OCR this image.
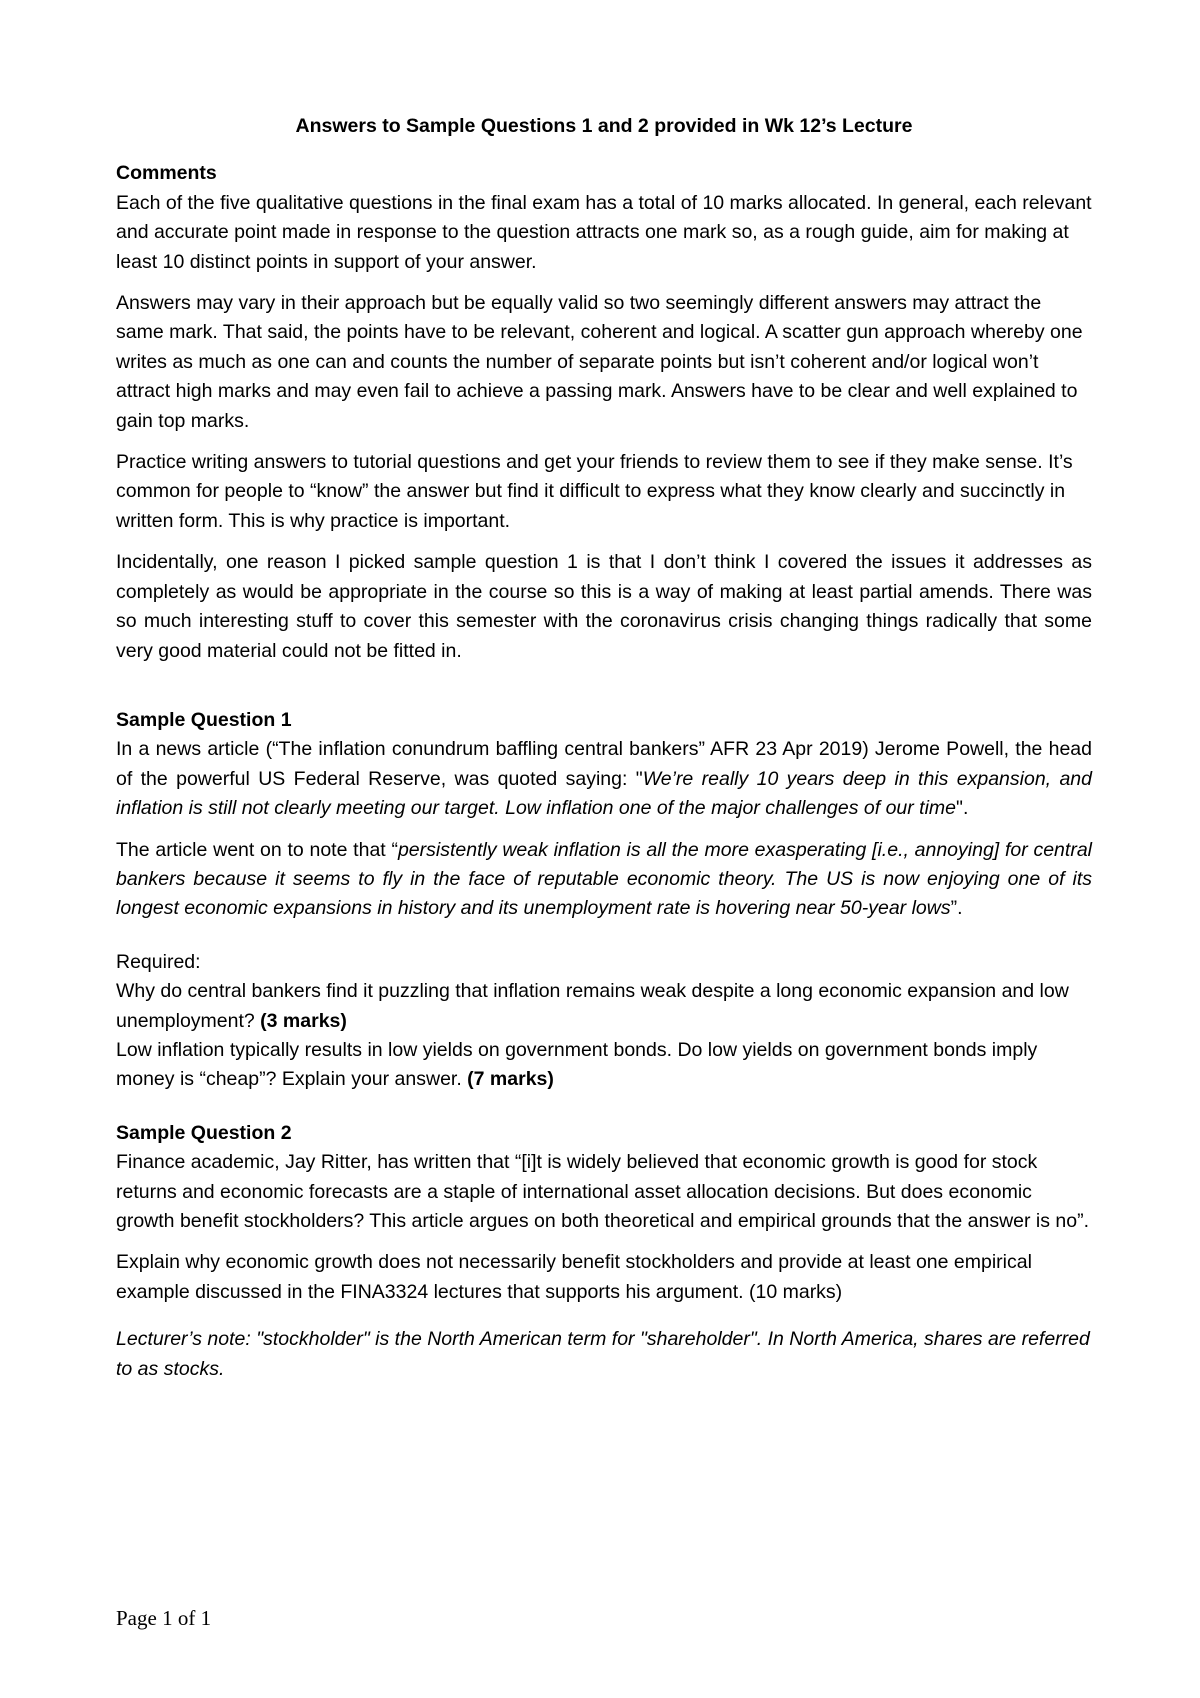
Answers to Sample Questions 1 and 2 provided in Wk 12’s Lecture
Comments

Each of the five qualitative questions in the final exam has a total of 10 marks allocated. In general, each relevant and accurate point made in response to the question attracts one mark so, as a rough guide, aim for making at least 10 distinct points in support of your answer.

Answers may vary in their approach but be equally valid so two seemingly different answers may attract the same mark. That said, the points have to be relevant, coherent and logical. A scatter gun approach whereby one writes as much as one can and counts the number of separate points but isn’t coherent and/or logical won’t attract high marks and may even fail to achieve a passing mark. Answers have to be clear and well explained to gain top marks.

Practice writing answers to tutorial questions and get your friends to review them to see if they make sense. It’s common for people to “know” the answer but find it difficult to express what they know clearly and succinctly in written form. This is why practice is important.

Incidentally, one reason I picked sample question 1 is that I don’t think I covered the issues it addresses as completely as would be appropriate in the course so this is a way of making at least partial amends. There was so much interesting stuff to cover this semester with the coronavirus crisis changing things radically that some very good material could not be fitted in.

Sample Question 1

In a news article (“The inflation conundrum baffling central bankers” AFR 23 Apr 2019) Jerome Powell, the head of the powerful US Federal Reserve, was quoted saying: "We’re really 10 years deep in this expansion, and inflation is still not clearly meeting our target. Low inflation one of the major challenges of our time".

The article went on to note that “persistently weak inflation is all the more exasperating [i.e., annoying] for central bankers because it seems to fly in the face of reputable economic theory. The US is now enjoying one of its longest economic expansions in history and its unemployment rate is hovering near 50-year lows”.

Required:
Why do central bankers find it puzzling that inflation remains weak despite a long economic expansion and low unemployment? (3 marks)
Low inflation typically results in low yields on government bonds. Do low yields on government bonds imply money is “cheap”? Explain your answer. (7 marks)
Sample Question 2

Finance academic, Jay Ritter, has written that “[i]t is widely believed that economic growth is good for stock returns and economic forecasts are a staple of international asset allocation decisions. But does economic growth benefit stockholders? This article argues on both theoretical and empirical grounds that the answer is no”.

Explain why economic growth does not necessarily benefit stockholders and provide at least one empirical example discussed in the FINA3324 lectures that supports his argument. (10 marks)

Lecturer’s note: "stockholder" is the North American term for "shareholder". In North America, shares are referred to as stocks.

Page 1 of 1
